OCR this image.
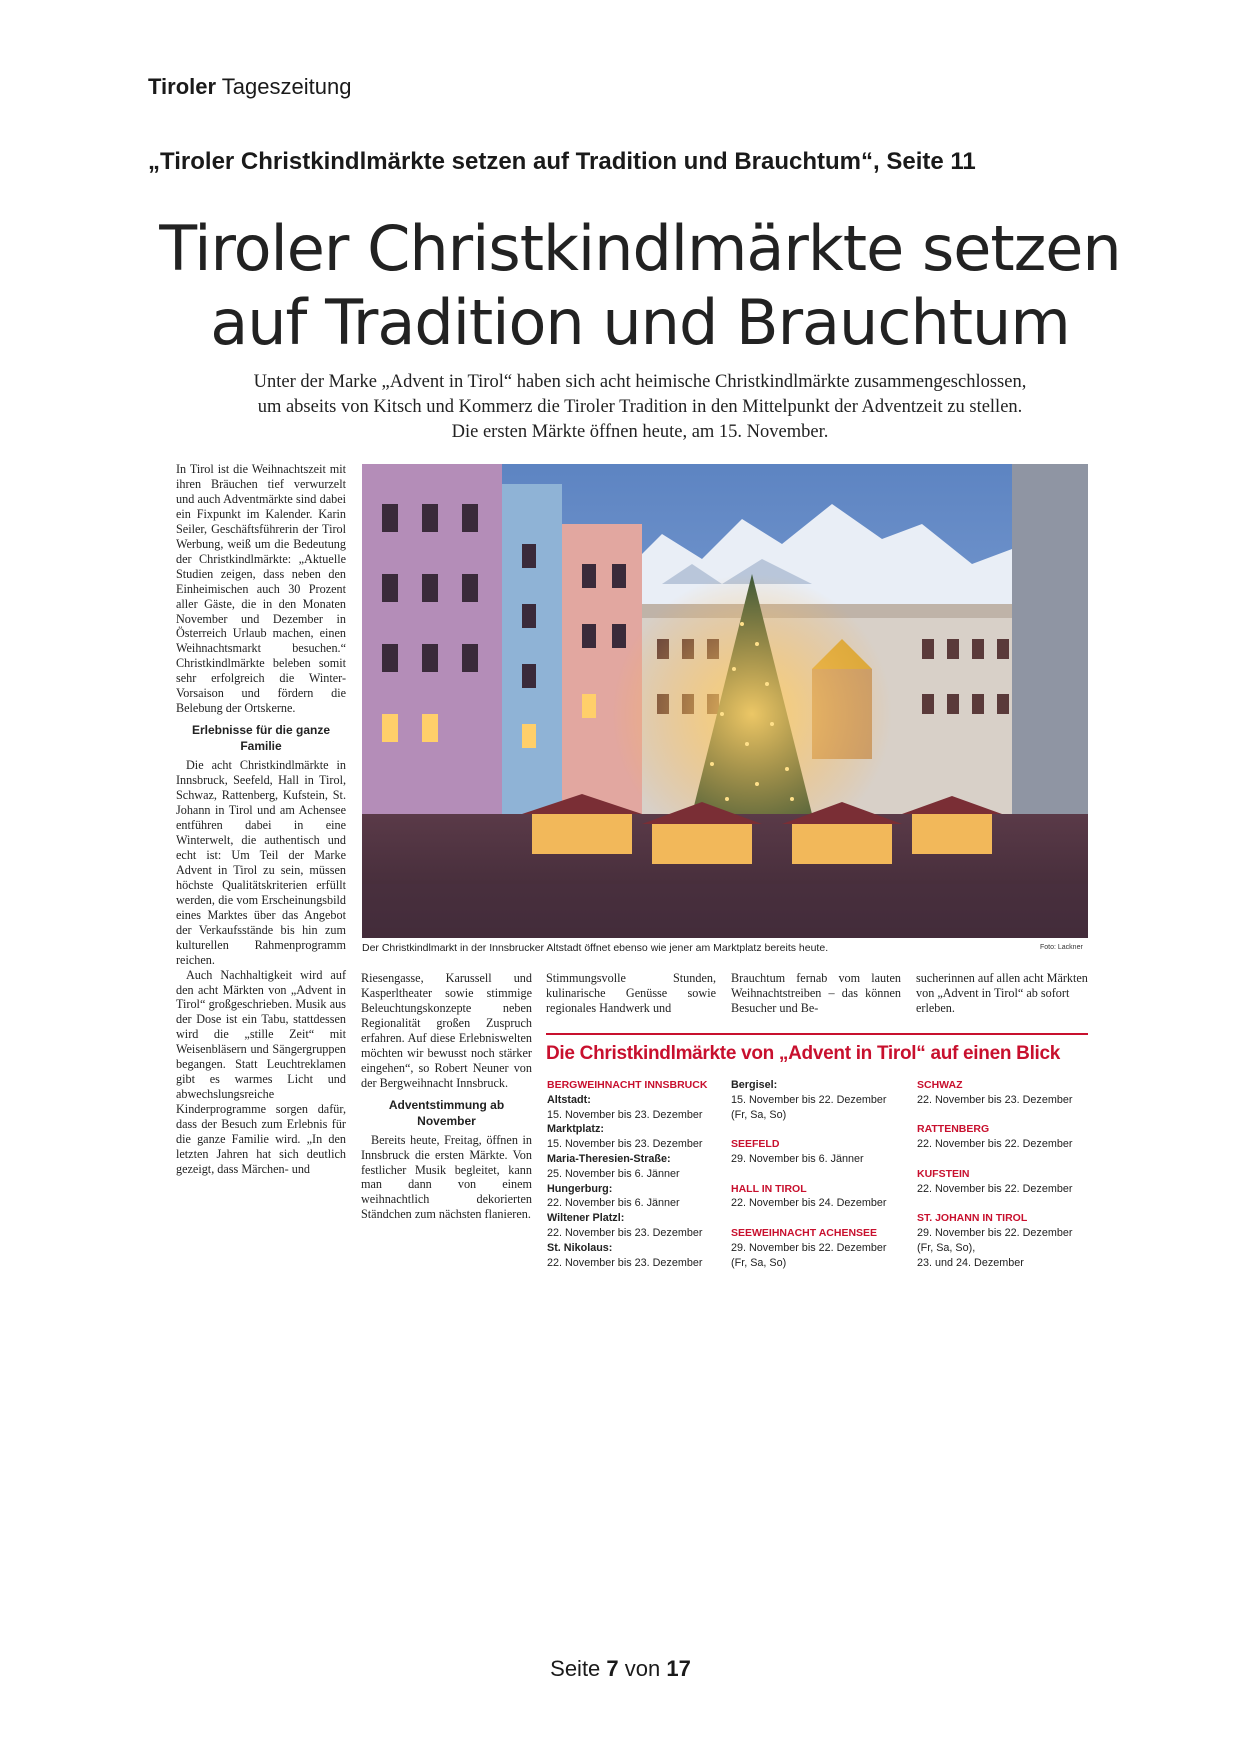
Tiroler Tageszeitung
„Tiroler Christkindlmärkte setzen auf Tradition und Brauchtum“, Seite 11
Tiroler Christkindlmärkte setzen
auf Tradition und Brauchtum
Unter der Marke „Advent in Tirol“ haben sich acht heimische Christkindlmärkte zusammengeschlossen,
um abseits von Kitsch und Kommerz die Tiroler Tradition in den Mittelpunkt der Adventzeit zu stellen.
Die ersten Märkte öffnen heute, am 15. November.

In Tirol ist die Weihnachtszeit mit ihren Bräuchen tief verwurzelt und auch Adventmärkte sind dabei ein Fixpunkt im Kalender. Karin Seiler, Geschäftsführerin der Tirol Werbung, weiß um die Bedeutung der Christkindlmärkte: „Aktuelle Studien zeigen, dass neben den Einheimischen auch 30 Prozent aller Gäste, die in den Monaten November und Dezember in Österreich Urlaub machen, einen Weihnachtsmarkt besuchen.“ Christkindlmärkte beleben somit sehr erfolgreich die Winter-Vorsaison und fördern die Belebung der Ortskerne.

Erlebnisse für die ganze Familie

Die acht Christkindlmärkte in Innsbruck, Seefeld, Hall in Tirol, Schwaz, Rattenberg, Kufstein, St. Johann in Tirol und am Achensee entführen dabei in eine Winterwelt, die authentisch und echt ist: Um Teil der Marke Advent in Tirol zu sein, müssen höchste Qualitätskriterien erfüllt werden, die vom Erscheinungsbild eines Marktes über das Angebot der Verkaufsstände bis hin zum kulturellen Rahmenprogramm reichen.

Auch Nachhaltigkeit wird auf den acht Märkten von „Advent in Tirol“ großgeschrieben. Musik aus der Dose ist ein Tabu, stattdessen wird die „stille Zeit“ mit Weisenbläsern und Sängergruppen begangen. Statt Leuchtreklamen gibt es warmes Licht und abwechslungsreiche Kinderprogramme sorgen dafür, dass der Besuch zum Erlebnis für die ganze Familie wird. „In den letzten Jahren hat sich deutlich gezeigt, dass Märchen- und

Der Christkindlmarkt in der Innsbrucker Altstadt öffnet ebenso wie jener am Marktplatz bereits heute.	Foto: Lackner

Riesengasse, Karussell und Kasperltheater sowie stimmige Beleuchtungskonzepte neben Regionalität großen Zuspruch erfahren. Auf diese Erlebniswelten möchten wir bewusst noch stärker eingehen“, so Robert Neuner von der Bergweihnacht Innsbruck.

Adventstimmung ab November

Bereits heute, Freitag, öffnen in Innsbruck die ersten Märkte. Von festlicher Musik begleitet, kann man dann von einem weihnachtlich dekorierten Ständchen zum nächsten flanieren.

Stimmungsvolle Stunden, kulinarische Genüsse sowie regionales Handwerk und

Brauchtum fernab vom lauten Weihnachtstreiben – das können Besucher und Be-

sucherinnen auf allen acht Märkten von „Advent in Tirol“ ab sofort erleben.

Die Christkindlmärkte von „Advent in Tirol“ auf einen Blick
BERGWEIHNACHT INNSBRUCK
Altstadt:
15. November bis 23. Dezember
Marktplatz:
15. November bis 23. Dezember
Maria-Theresien-Straße:
25. November bis 6. Jänner
Hungerburg:
22. November bis 6. Jänner
Wiltener Platzl:
22. November bis 23. Dezember
St. Nikolaus:
22. November bis 23. Dezember
Bergisel:
15. November bis 22. Dezember
(Fr, Sa, So)
SEEFELD
29. November bis 6. Jänner
HALL IN TIROL
22. November bis 24. Dezember
SEEWEIHNACHT ACHENSEE
29. November bis 22. Dezember
(Fr, Sa, So)
SCHWAZ
22. November bis 23. Dezember
RATTENBERG
22. November bis 22. Dezember
KUFSTEIN
22. November bis 22. Dezember
ST. JOHANN IN TIROL
29. November bis 22. Dezember
(Fr, Sa, So),
23. und 24. Dezember
Seite 7 von 17
